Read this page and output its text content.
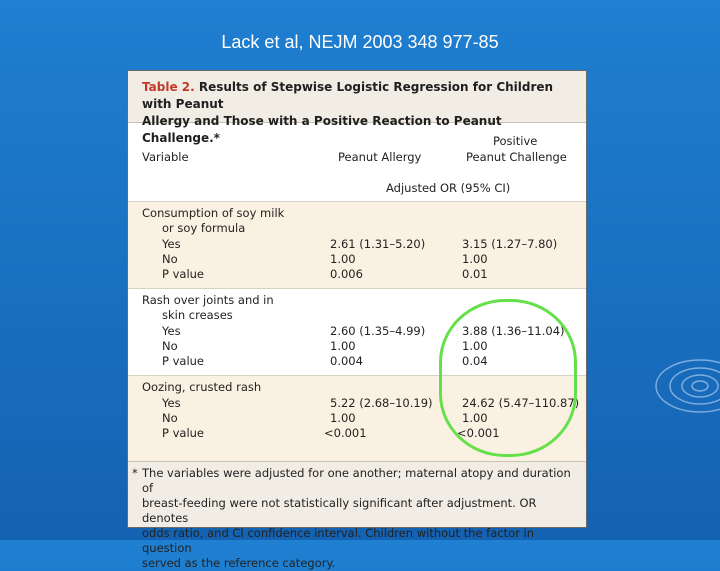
Lack et al, NEJM 2003 348 977-85
Table 2. Results of Stepwise Logistic Regression for Children with Peanut
Allergy and Those with a Positive Reaction to Peanut Challenge.*
Variable	Peanut Allergy
Positive
Peanut Challenge
Adjusted OR (95% CI)
Consumption of soy milk
or soy formula
Yes	2.61 (1.31–5.20)	3.15 (1.27–7.80)
No	1.00	1.00
P value	0.006	0.01
Rash over joints and in
skin creases
Yes	2.60 (1.35–4.99)	3.88 (1.36–11.04)
No	1.00	1.00
P value	0.004	0.04
Oozing, crusted rash
Yes	5.22 (2.68–10.19)	24.62 (5.47–110.87)
No	1.00	1.00
P value	<0.001	<0.001
* The variables were adjusted for one another; maternal atopy and duration of
breast-feeding were not statistically significant after adjustment. OR denotes
odds ratio, and CI confidence interval. Children without the factor in question
served as the reference category.
